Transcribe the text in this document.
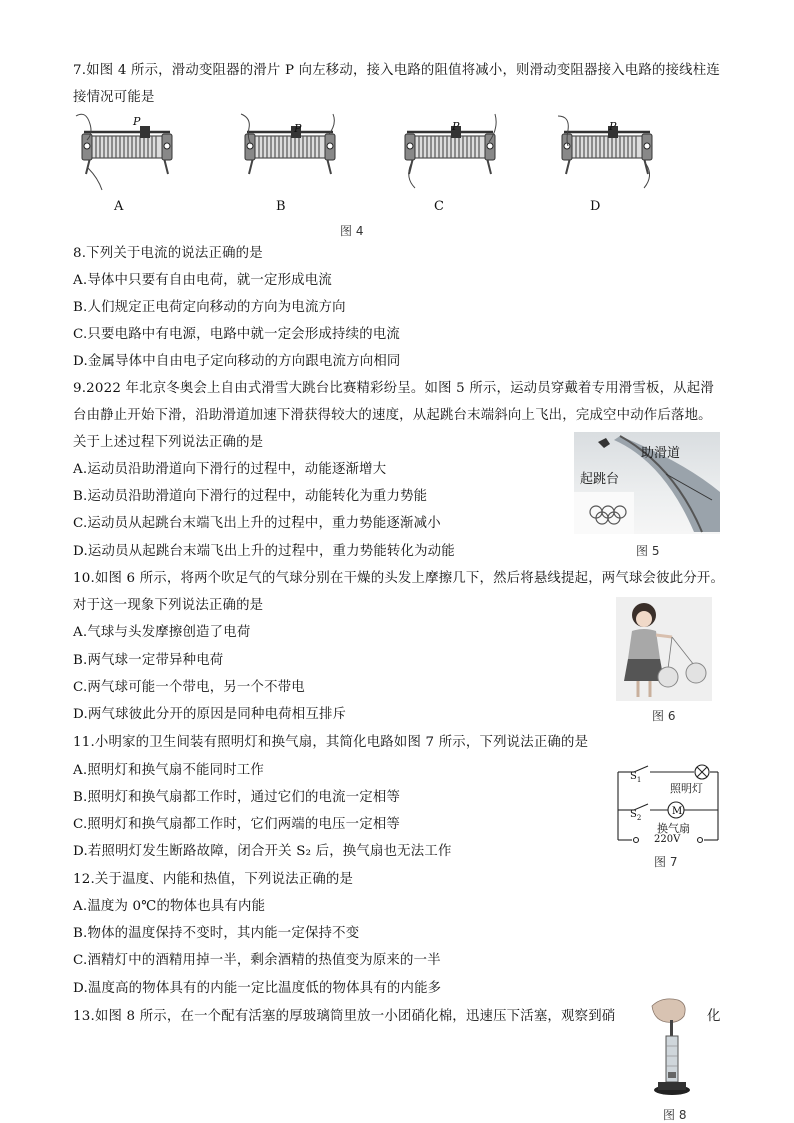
7.如图 4 所示，滑动变阻器的滑片 P 向左移动，接入电路的阻值将减小，则滑动变阻器接入电路的接线柱连
接情况可能是
P
P	P	P
A	B	C	D
图 4
8.下列关于电流的说法正确的是
A.导体中只要有自由电荷，就一定形成电流
B.人们规定正电荷定向移动的方向为电流方向
C.只要电路中有电源，电路中就一定会形成持续的电流
D.金属导体中自由电子定向移动的方向跟电流方向相同
9.2022 年北京冬奥会上自由式滑雪大跳台比赛精彩纷呈。如图 5 所示，运动员穿戴着专用滑雪板，从起滑
台由静止开始下滑，沿助滑道加速下滑获得较大的速度，从起跳台末端斜向上飞出，完成空中动作后落地。
关于上述过程下列说法正确的是
A.运动员沿助滑道向下滑行的过程中，动能逐渐增大
B.运动员沿助滑道向下滑行的过程中，动能转化为重力势能
C.运动员从起跳台末端飞出上升的过程中，重力势能逐渐减小
D.运动员从起跳台末端飞出上升的过程中，重力势能转化为动能
助滑道
起跳台
图 5
10.如图 6 所示，将两个吹足气的气球分别在干燥的头发上摩擦几下，然后将悬线提起，两气球会彼此分开。
对于这一现象下列说法正确的是
A.气球与头发摩擦创造了电荷
B.两气球一定带异种电荷
C.两气球可能一个带电，另一个不带电
D.两气球彼此分开的原因是同种电荷相互排斥	图 6
11.小明家的卫生间装有照明灯和换气扇，其简化电路如图 7 所示，下列说法正确的是
A.照明灯和换气扇不能同时工作
B.照明灯和换气扇都工作时，通过它们的电流一定相等
C.照明灯和换气扇都工作时，它们两端的电压一定相等
D.若照明灯发生断路故障，闭合开关 S₂ 后，换气扇也无法工作
M
$S_1$
$S_2$
照明灯
换气扇
220V
图 7
12.关于温度、内能和热值，下列说法正确的是
A.温度为 0℃的物体也具有内能
B.物体的温度保持不变时，其内能一定保持不变
C.酒精灯中的酒精用掉一半，剩余酒精的热值变为原来的一半
D.温度高的物体具有的内能一定比温度低的物体具有的内能多
13.如图 8 所示，在一个配有活塞的厚玻璃筒里放一小团硝化棉，迅速压下活塞，观察到硝	化
图 8
